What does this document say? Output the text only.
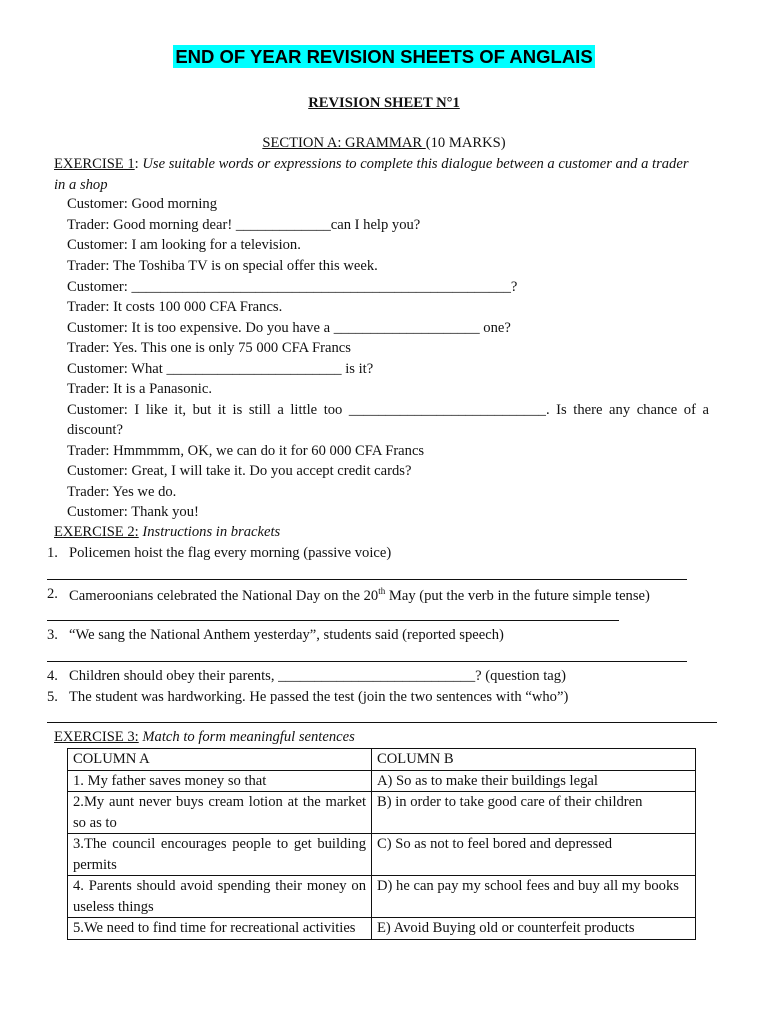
END OF YEAR REVISION SHEETS OF ANGLAIS
REVISION SHEET N°1
SECTION A: GRAMMAR (10 MARKS)
EXERCISE 1: Use suitable words or expressions to complete this dialogue between a customer and a trader
in a shop
Customer: Good morning
Trader: Good morning dear! _____________can I help you?
Customer: I am looking for a television.
Trader: The Toshiba TV is on special offer this week.
Customer: ____________________________________________________?
Trader: It costs 100 000 CFA Francs.
Customer: It is too expensive. Do you have a ____________________ one?
Trader: Yes. This one is only 75 000 CFA Francs
Customer: What ________________________ is it?
Trader: It is a Panasonic.
Customer: I like it, but it is still a little too ___________________________. Is there any chance of a
discount?
Trader: Hmmmmm, OK, we can do it for 60 000 CFA Francs
Customer: Great, I will take it. Do you accept credit cards?
Trader: Yes we do.
Customer: Thank you!
EXERCISE 2: Instructions in brackets
1. Policemen hoist the flag every morning (passive voice)
2. Cameroonians celebrated the National Day on the 20th May (put the verb in the future simple tense)
3. “We sang the National Anthem yesterday”, students said (reported speech)
4. Children should obey their parents, ___________________________? (question tag)
5. The student was hardworking. He passed the test (join the two sentences with “who”)
EXERCISE 3: Match to form meaningful sentences
COLUMN A	COLUMN B
1. My father saves money so that	A) So as to make their buildings legal
2.My aunt never buys cream lotion at the market so as to	B) in order to take good care of their children
3.The council encourages people to get building permits	C) So as not to feel bored and depressed
4. Parents should avoid spending their money on useless things	D) he can pay my school fees and buy all my books
5.We need to find time for recreational activities	E) Avoid Buying old or counterfeit products
